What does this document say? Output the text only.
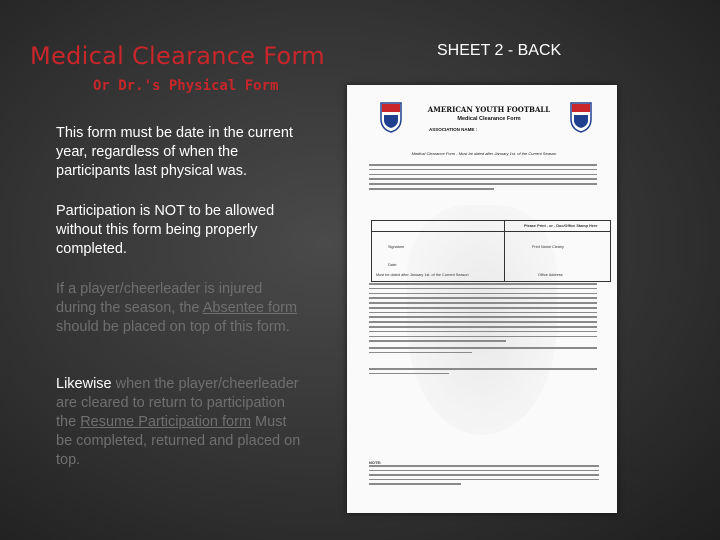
Medical Clearance Form
Or Dr.'s Physical Form
SHEET 2 - BACK
This form must be date in the current year, regardless of when the participants last physical was.
Participation is NOT to be allowed without this form being properly completed.
If a player/cheerleader is injured during the season, the Absentee form should be placed on top of this form.
Likewise when the player/cheerleader are cleared to return to participation the Resume Participation form Must be completed, returned and placed on top.
AMERICAN YOUTH FOOTBALL
Medical Clearance Form
ASSOCIATION NAME :
Medical Clearance Form - Must be dated after January 1st. of the Current Season
Please Print - or - Doc/Office Stamp Here
Signature	Print Name Clearly
Date:
Must be dated after January 1st. of the Current Season	Office Address
NOTE:
